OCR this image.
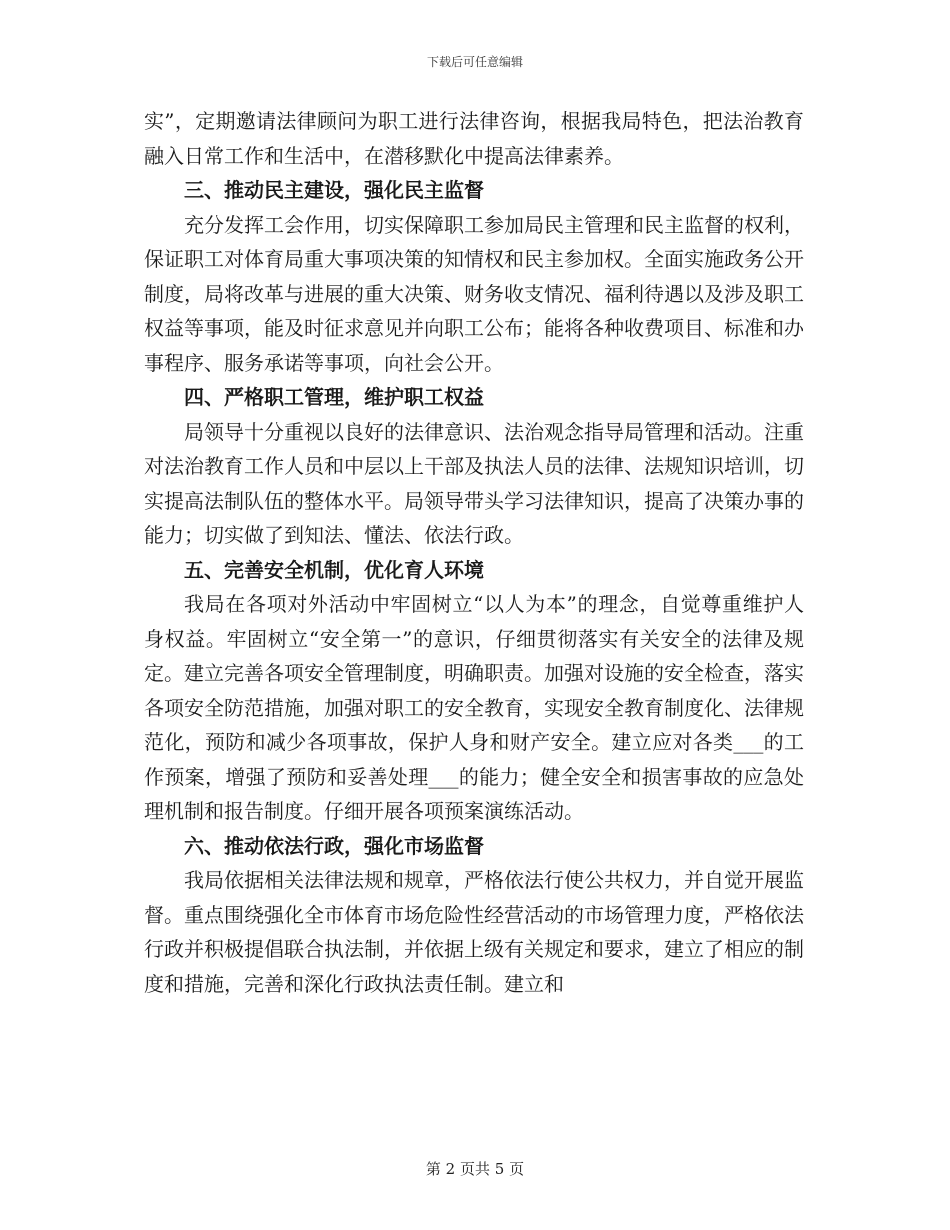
下载后可任意编辑

实”，定期邀请法律顾问为职工进行法律咨询，根据我局特色，把法治教育融入日常工作和生活中，在潜移默化中提高法律素养。

三、推动民主建设，强化民主监督

充分发挥工会作用，切实保障职工参加局民主管理和民主监督的权利，保证职工对体育局重大事项决策的知情权和民主参加权。全面实施政务公开制度，局将改革与进展的重大决策、财务收支情况、福利待遇以及涉及职工权益等事项，能及时征求意见并向职工公布；能将各种收费项目、标准和办事程序、服务承诺等事项，向社会公开。

四、严格职工管理，维护职工权益

局领导十分重视以良好的法律意识、法治观念指导局管理和活动。注重对法治教育工作人员和中层以上干部及执法人员的法律、法规知识培训，切实提高法制队伍的整体水平。局领导带头学习法律知识，提高了决策办事的能力；切实做了到知法、懂法、依法行政。

五、完善安全机制，优化育人环境

我局在各项对外活动中牢固树立“以人为本”的理念，自觉尊重维护人身权益。牢固树立“安全第一”的意识，仔细贯彻落实有关安全的法律及规定。建立完善各项安全管理制度，明确职责。加强对设施的安全检查，落实各项安全防范措施，加强对职工的安全教育，实现安全教育制度化、法律规范化，预防和减少各项事故，保护人身和财产安全。建立应对各类___的工作预案，增强了预防和妥善处理___的能力；健全安全和损害事故的应急处理机制和报告制度。仔细开展各项预案演练活动。

六、推动依法行政，强化市场监督

我局依据相关法律法规和规章，严格依法行使公共权力，并自觉开展监督。重点围绕强化全市体育市场危险性经营活动的市场管理力度，严格依法行政并积极提倡联合执法制，并依据上级有关规定和要求，建立了相应的制度和措施，完善和深化行政执法责任制。建立和

第 2 页共 5 页
